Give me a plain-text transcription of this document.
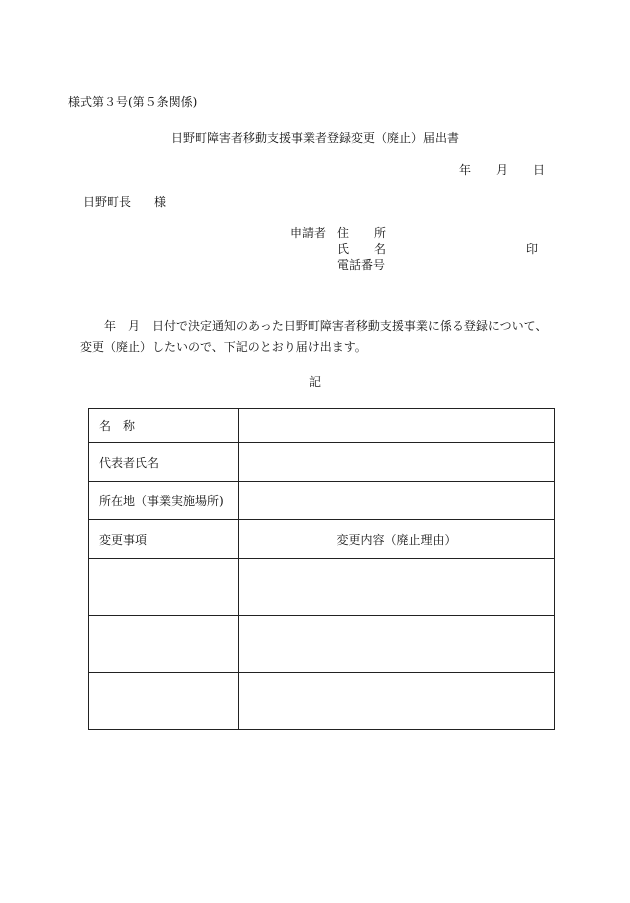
様式第３号(第５条関係)
日野町障害者移動支援事業者登録変更（廃止）届出書
年 月 日
日野町長 様
申請者 住 所
氏 名
電話番号
印
年　月　日付で決定通知のあった日野町障害者移動支援事業に係る登録について、
変更（廃止）したいので、下記のとおり届け出ます。
記
名　称	
代表者氏名	
所在地（事業実施場所)	
変更事項	変更内容（廃止理由）
